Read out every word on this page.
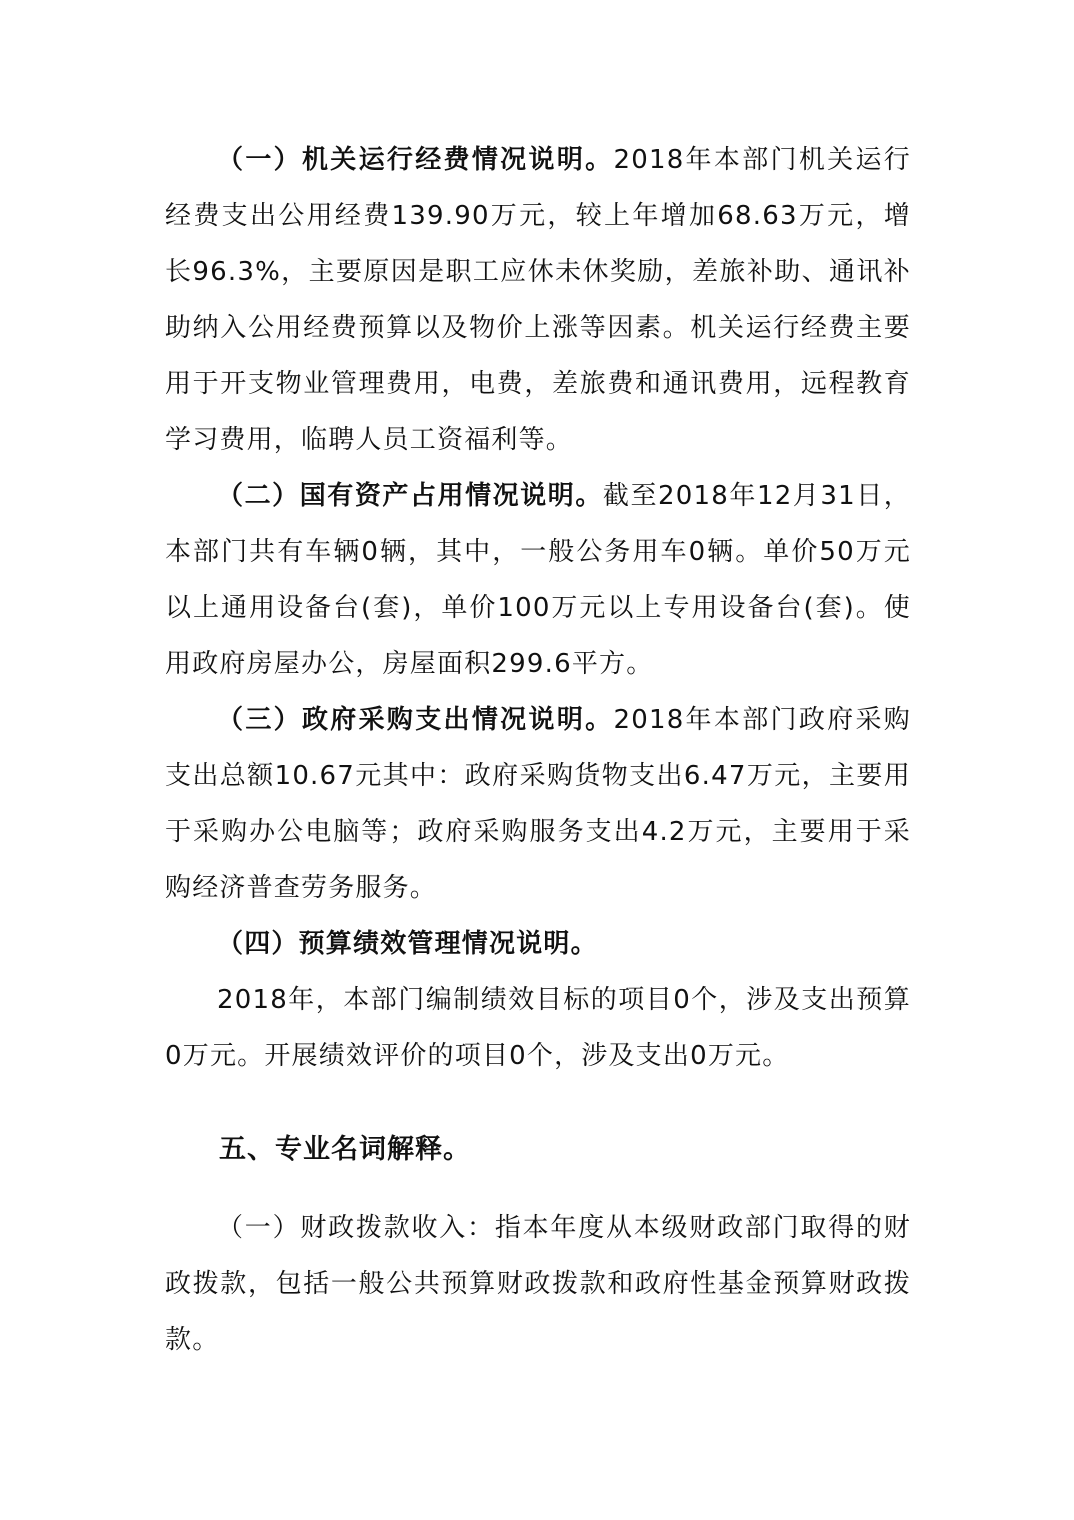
（一）机关运行经费情况说明。2018年本部门机关运行经费支出公用经费139.90万元，较上年增加68.63万元，增长96.3%，主要原因是职工应休未休奖励，差旅补助、通讯补助纳入公用经费预算以及物价上涨等因素。机关运行经费主要用于开支物业管理费用，电费，差旅费和通讯费用，远程教育学习费用，临聘人员工资福利等。

（二）国有资产占用情况说明。截至2018年12月31日，本部门共有车辆0辆，其中，一般公务用车0辆。单价50万元以上通用设备台(套)，单价100万元以上专用设备台(套)。使用政府房屋办公，房屋面积299.6平方。

（三）政府采购支出情况说明。2018年本部门政府采购支出总额10.67元其中：政府采购货物支出6.47万元，主要用于采购办公电脑等；政府采购服务支出4.2万元，主要用于采购经济普查劳务服务。

（四）预算绩效管理情况说明。

2018年，本部门编制绩效目标的项目0个，涉及支出预算0万元。开展绩效评价的项目0个，涉及支出0万元。

五、专业名词解释。

（一）财政拨款收入：指本年度从本级财政部门取得的财政拨款，包括一般公共预算财政拨款和政府性基金预算财政拨款。
